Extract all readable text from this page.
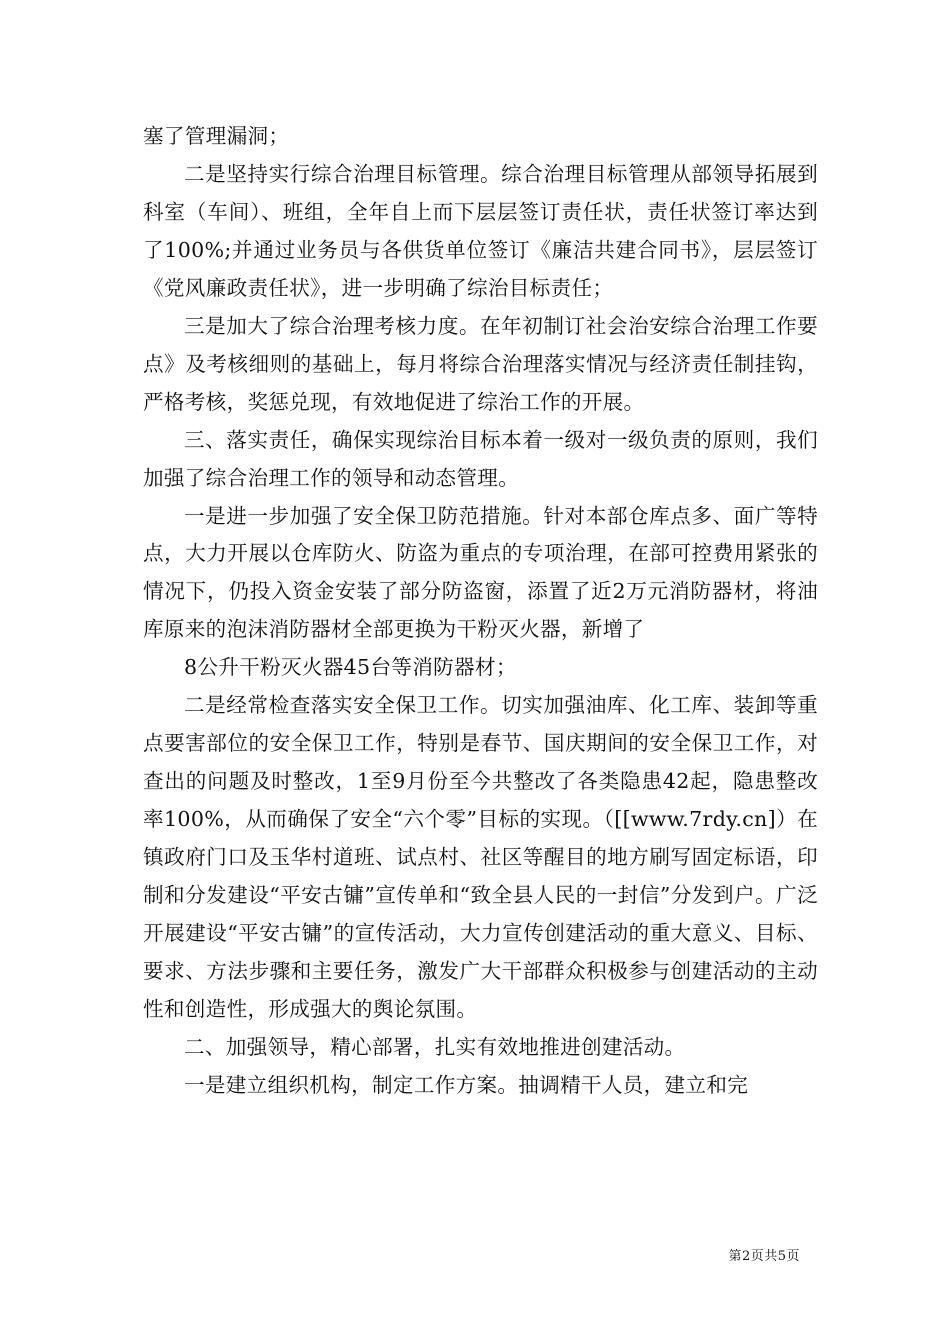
塞了管理漏洞；

二是坚持实行综合治理目标管理。综合治理目标管理从部领导拓展到科室（车间）、班组，全年自上而下层层签订责任状，责任状签订率达到了100%;并通过业务员与各供货单位签订《廉洁共建合同书》，层层签订《党风廉政责任状》，进一步明确了综治目标责任；

三是加大了综合治理考核力度。在年初制订社会治安综合治理工作要点》及考核细则的基础上，每月将综合治理落实情况与经济责任制挂钩，严格考核，奖惩兑现，有效地促进了综治工作的开展。

三、落实责任，确保实现综治目标本着一级对一级负责的原则，我们加强了综合治理工作的领导和动态管理。

一是进一步加强了安全保卫防范措施。针对本部仓库点多、面广等特点，大力开展以仓库防火、防盗为重点的专项治理，在部可控费用紧张的情况下，仍投入资金安装了部分防盗窗，添置了近2万元消防器材，将油库原来的泡沫消防器材全部更换为干粉灭火器，新增了

8公升干粉灭火器45台等消防器材；

二是经常检查落实安全保卫工作。切实加强油库、化工库、装卸等重点要害部位的安全保卫工作，特别是春节、国庆期间的安全保卫工作，对查出的问题及时整改，1至9月份至今共整改了各类隐患42起，隐患整改率100%，从而确保了安全“六个零”目标的实现。（[[www.7rdy.cn]）在镇政府门口及玉华村道班、试点村、社区等醒目的地方刷写固定标语，印制和分发建设“平安古镛”宣传单和“致全县人民的一封信”分发到户。广泛开展建设“平安古镛”的宣传活动，大力宣传创建活动的重大意义、目标、要求、方法步骤和主要任务，激发广大干部群众积极参与创建活动的主动性和创造性，形成强大的舆论氛围。

二、加强领导，精心部署，扎实有效地推进创建活动。

一是建立组织机构，制定工作方案。抽调精干人员，建立和完

第2页共5页
